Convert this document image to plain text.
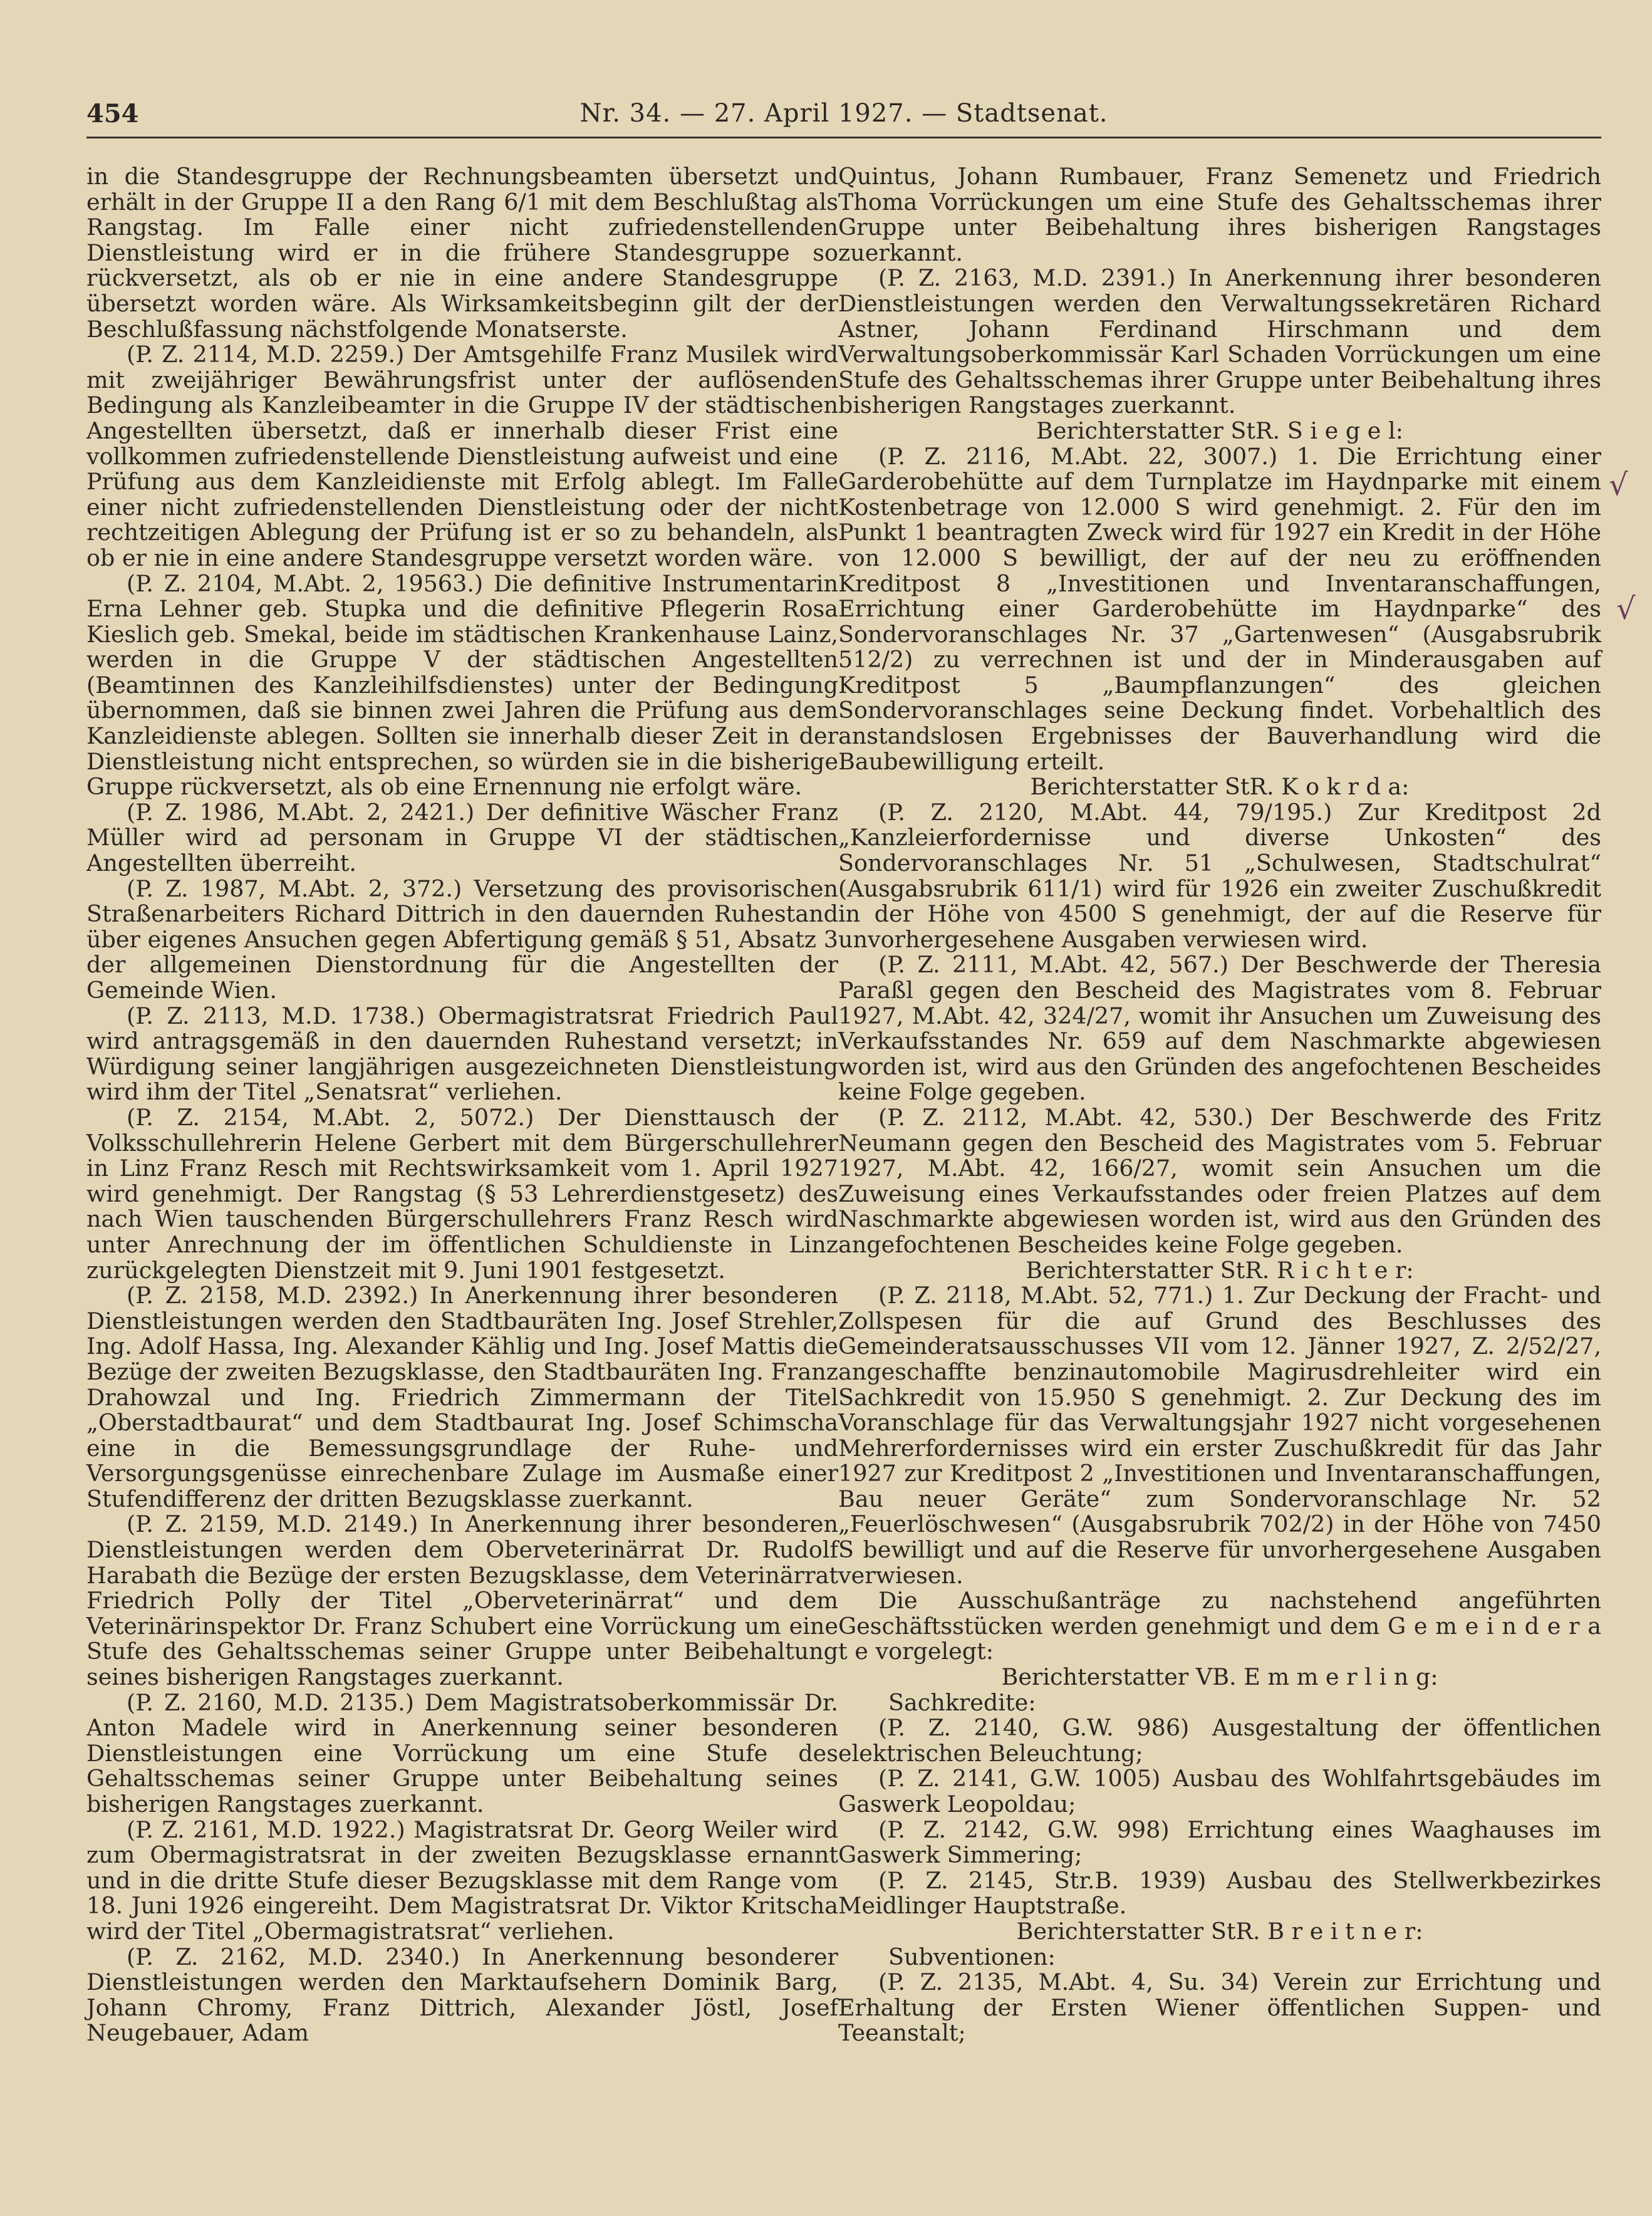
454	Nr. 34. — 27. April 1927. — Stadtsenat.

in die Standesgruppe der Rechnungsbeamten übersetzt und erhält in der Gruppe II a den Rang 6/1 mit dem Beschlußtag als Rangstag. Im Falle einer nicht zufriedenstellenden Dienstleistung wird er in die frühere Standesgruppe so rückversetzt, als ob er nie in eine andere Standesgruppe übersetzt worden wäre. Als Wirksamkeitsbeginn gilt der der Beschlußfassung nächstfolgende Monatserste.

(P. Z. 2114, M.D. 2259.) Der Amtsgehilfe Franz Musilek wird mit zweijähriger Bewährungsfrist unter der auflösenden Bedingung als Kanzleibeamter in die Gruppe IV der städtischen Angestellten übersetzt, daß er innerhalb dieser Frist eine vollkommen zufriedenstellende Dienstleistung aufweist und eine Prüfung aus dem Kanzleidienste mit Erfolg ablegt. Im Falle einer nicht zufriedenstellenden Dienstleistung oder der nicht rechtzeitigen Ablegung der Prüfung ist er so zu behandeln, als ob er nie in eine andere Standesgruppe versetzt worden wäre.

(P. Z. 2104, M.Abt. 2, 19563.) Die definitive Instrumentarin Erna Lehner geb. Stupka und die definitive Pflegerin Rosa Kieslich geb. Smekal, beide im städtischen Krankenhause Lainz, werden in die Gruppe V der städtischen Angestellten (Beamtinnen des Kanzleihilfsdienstes) unter der Bedingung übernommen, daß sie binnen zwei Jahren die Prüfung aus dem Kanzleidienste ablegen. Sollten sie innerhalb dieser Zeit in der Dienstleistung nicht entsprechen, so würden sie in die bisherige Gruppe rückversetzt, als ob eine Ernennung nie erfolgt wäre.

(P. Z. 1986, M.Abt. 2, 2421.) Der definitive Wäscher Franz Müller wird ad personam in Gruppe VI der städtischen Angestellten überreiht.

(P. Z. 1987, M.Abt. 2, 372.) Versetzung des provisorischen Straßenarbeiters Richard Dittrich in den dauernden Ruhestand über eigenes Ansuchen gegen Abfertigung gemäß § 51, Absatz 3 der allgemeinen Dienstordnung für die Angestellten der Gemeinde Wien.

(P. Z. 2113, M.D. 1738.) Obermagistratsrat Friedrich Paul wird antragsgemäß in den dauernden Ruhestand versetzt; in Würdigung seiner langjährigen ausgezeichneten Dienstleistung wird ihm der Titel „Senatsrat“ verliehen.

(P. Z. 2154, M.Abt. 2, 5072.) Der Diensttausch der Volksschullehrerin Helene Gerbert mit dem Bürgerschullehrer in Linz Franz Resch mit Rechtswirksamkeit vom 1. April 1927 wird genehmigt. Der Rangstag (§ 53 Lehrerdienstgesetz) des nach Wien tauschenden Bürgerschullehrers Franz Resch wird unter Anrechnung der im öffentlichen Schuldienste in Linz zurückgelegten Dienstzeit mit 9. Juni 1901 festgesetzt.

(P. Z. 2158, M.D. 2392.) In Anerkennung ihrer besonderen Dienstleistungen werden den Stadtbauräten Ing. Josef Strehler, Ing. Adolf Hassa, Ing. Alexander Kählig und Ing. Josef Mattis die Bezüge der zweiten Bezugsklasse, den Stadtbauräten Ing. Franz Drahowzal und Ing. Friedrich Zimmermann der Titel „Oberstadtbaurat“ und dem Stadtbaurat Ing. Josef Schimscha eine in die Bemessungsgrundlage der Ruhe- und Versorgungsgenüsse einrechenbare Zulage im Ausmaße einer Stufendifferenz der dritten Bezugsklasse zuerkannt.

(P. Z. 2159, M.D. 2149.) In Anerkennung ihrer besonderen Dienstleistungen werden dem Oberveterinärrat Dr. Rudolf Harabath die Bezüge der ersten Bezugsklasse, dem Veterinärrat Friedrich Polly der Titel „Oberveterinärrat“ und dem Veterinärinspektor Dr. Franz Schubert eine Vorrückung um eine Stufe des Gehaltsschemas seiner Gruppe unter Beibehaltung seines bisherigen Rangstages zuerkannt.

(P. Z. 2160, M.D. 2135.) Dem Magistratsoberkommissär Dr. Anton Madele wird in Anerkennung seiner besonderen Dienstleistungen eine Vorrückung um eine Stufe des Gehaltsschemas seiner Gruppe unter Beibehaltung seines bisherigen Rangstages zuerkannt.

(P. Z. 2161, M.D. 1922.) Magistratsrat Dr. Georg Weiler wird zum Obermagistratsrat in der zweiten Bezugsklasse ernannt und in die dritte Stufe dieser Bezugsklasse mit dem Range vom 18. Juni 1926 eingereiht. Dem Magistratsrat Dr. Viktor Kritscha wird der Titel „Obermagistratsrat“ verliehen.

(P. Z. 2162, M.D. 2340.) In Anerkennung besonderer Dienstleistungen werden den Marktaufsehern Dominik Barg, Johann Chromy, Franz Dittrich, Alexander Jöstl, Josef Neugebauer, Adam

Quintus, Johann Rumbauer, Franz Semenetz und Friedrich Thoma Vorrückungen um eine Stufe des Gehaltsschemas ihrer Gruppe unter Beibehaltung ihres bisherigen Rangstages zuerkannt.

(P. Z. 2163, M.D. 2391.) In Anerkennung ihrer besonderen Dienstleistungen werden den Verwaltungssekretären Richard Astner, Johann Ferdinand Hirschmann und dem Verwaltungsoberkommissär Karl Schaden Vorrückungen um eine Stufe des Gehaltsschemas ihrer Gruppe unter Beibehaltung ihres bisherigen Rangstages zuerkannt.

Berichterstatter StR. S i e g e l:

(P. Z. 2116, M.Abt. 22, 3007.) 1. Die Errichtung einer Garderobehütte auf dem Turnplatze im Haydnparke mit einem Kostenbetrage von 12.000 S wird genehmigt. 2. Für den im Punkt 1 beantragten Zweck wird für 1927 ein Kredit in der Höhe von 12.000 S bewilligt, der auf der neu zu eröffnenden Kreditpost 8 „Investitionen und Inventaranschaffungen, Errichtung einer Garderobehütte im Haydnparke“ des Sondervoranschlages Nr. 37 „Gartenwesen“ (Ausgabsrubrik 512/2) zu verrechnen ist und der in Minderausgaben auf Kreditpost 5 „Baumpflanzungen“ des gleichen Sondervoranschlages seine Deckung findet. Vorbehaltlich des anstandslosen Ergebnisses der Bauverhandlung wird die Baubewilligung erteilt.

Berichterstatter StR. K o k r d a:

(P. Z. 2120, M.Abt. 44, 79/195.) Zur Kreditpost 2d „Kanzleierfordernisse und diverse Unkosten“ des Sondervoranschlages Nr. 51 „Schulwesen, Stadtschulrat“ (Ausgabsrubrik 611/1) wird für 1926 ein zweiter Zuschußkredit in der Höhe von 4500 S genehmigt, der auf die Reserve für unvorhergesehene Ausgaben verwiesen wird.

(P. Z. 2111, M.Abt. 42, 567.) Der Beschwerde der Theresia Paraßl gegen den Bescheid des Magistrates vom 8. Februar 1927, M.Abt. 42, 324/27, womit ihr Ansuchen um Zuweisung des Verkaufsstandes Nr. 659 auf dem Naschmarkte abgewiesen worden ist, wird aus den Gründen des angefochtenen Bescheides keine Folge gegeben.

(P. Z. 2112, M.Abt. 42, 530.) Der Beschwerde des Fritz Neumann gegen den Bescheid des Magistrates vom 5. Februar 1927, M.Abt. 42, 166/27, womit sein Ansuchen um die Zuweisung eines Verkaufsstandes oder freien Platzes auf dem Naschmarkte abgewiesen worden ist, wird aus den Gründen des angefochtenen Bescheides keine Folge gegeben.

Berichterstatter StR. R i c h t e r:

(P. Z. 2118, M.Abt. 52, 771.) 1. Zur Deckung der Fracht- und Zollspesen für die auf Grund des Beschlusses des Gemeinderatsausschusses VII vom 12. Jänner 1927, Z. 2/52/27, angeschaffte benzinautomobile Magirusdrehleiter wird ein Sachkredit von 15.950 S genehmigt. 2. Zur Deckung des im Voranschlage für das Verwaltungsjahr 1927 nicht vorgesehenen Mehrerfordernisses wird ein erster Zuschußkredit für das Jahr 1927 zur Kreditpost 2 „Investitionen und Inventaranschaffungen, Bau neuer Geräte“ zum Sondervoranschlage Nr. 52 „Feuerlöschwesen“ (Ausgabsrubrik 702/2) in der Höhe von 7450 S bewilligt und auf die Reserve für unvorhergesehene Ausgaben verwiesen.

Die Ausschußanträge zu nachstehend angeführten Geschäftsstücken werden genehmigt und dem G e m e i n d e r a t e vorgelegt:

Berichterstatter VB. E m m e r l i n g:

Sachkredite:

(P. Z. 2140, G.W. 986) Ausgestaltung der öffentlichen elektrischen Beleuchtung;

(P. Z. 2141, G.W. 1005) Ausbau des Wohlfahrtsgebäudes im Gaswerk Leopoldau;

(P. Z. 2142, G.W. 998) Errichtung eines Waaghauses im Gaswerk Simmering;

(P. Z. 2145, Str.B. 1939) Ausbau des Stellwerkbezirkes Meidlinger Hauptstraße.

Berichterstatter StR. B r e i t n e r:

Subventionen:

(P. Z. 2135, M.Abt. 4, Su. 34) Verein zur Errichtung und Erhaltung der Ersten Wiener öffentlichen Suppen- und Teeanstalt;

√
√
